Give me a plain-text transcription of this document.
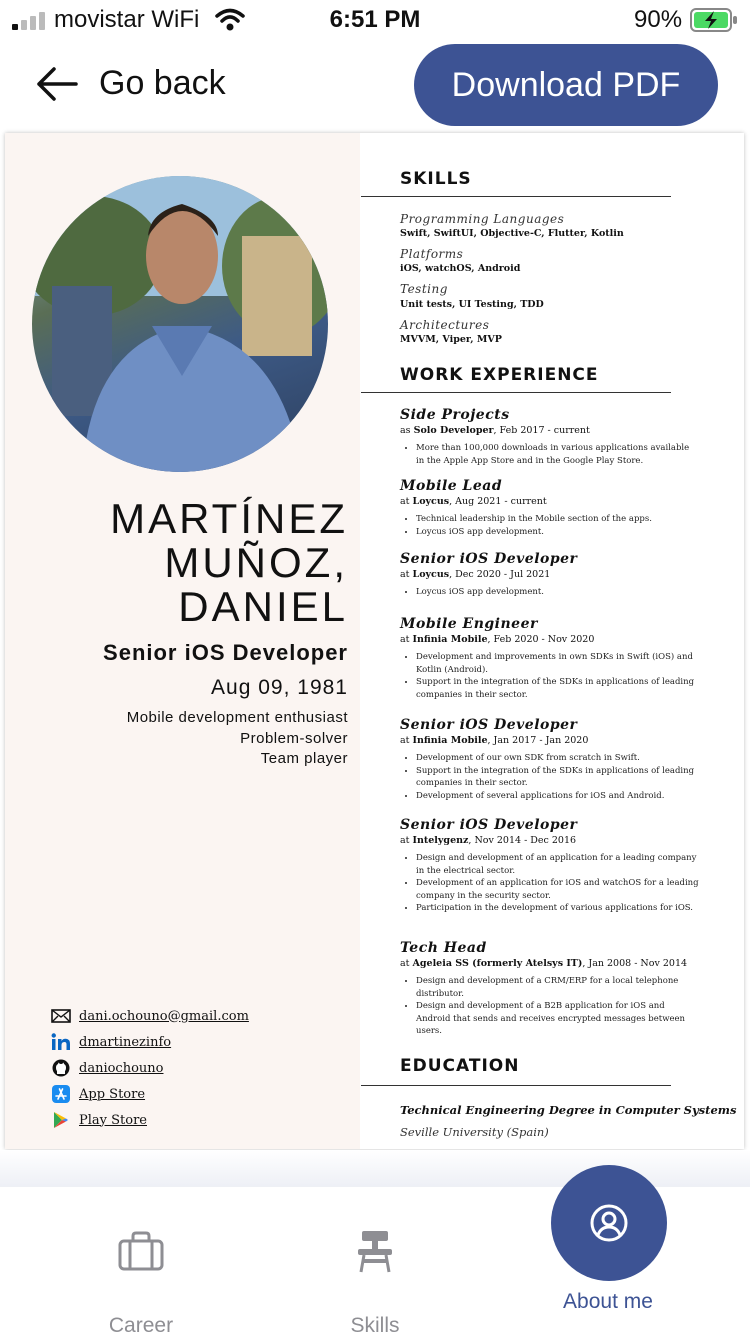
movistar WiFi	6:51 PM	90%
Go back	Download PDF
MARTÍNEZ
MUÑOZ,
DANIEL
Senior iOS Developer
Aug 09, 1981
Mobile development enthusiast
Problem-solver
Team player
dani.ochouno@gmail.com
dmartinezinfo
daniochouno
App Store
Play Store
SKILLS
Programming Languages
Swift, SwiftUI, Objective-C, Flutter, Kotlin
Platforms
iOS, watchOS, Android
Testing
Unit tests, UI Testing, TDD
Architectures
MVVM, Viper, MVP
WORK EXPERIENCE
Side Projects
as Solo Developer, Feb 2017 - current
• More than 100,000 downloads in various applications available in the Apple App Store and in the Google Play Store.
Mobile Lead
at Loycus, Aug 2021 - current
• Technical leadership in the Mobile section of the apps.
• Loycus iOS app development.
Senior iOS Developer
at Loycus, Dec 2020 - Jul 2021
• Loycus iOS app development.
Mobile Engineer
at Infinia Mobile, Feb 2020 - Nov 2020
• Development and improvements in own SDKs in Swift (iOS) and Kotlin (Android).
• Support in the integration of the SDKs in applications of leading companies in their sector.
Senior iOS Developer
at Infinia Mobile, Jan 2017 - Jan 2020
• Development of our own SDK from scratch in Swift.
• Support in the integration of the SDKs in applications of leading companies in their sector.
• Development of several applications for iOS and Android.
Senior iOS Developer
at Intelygenz, Nov 2014 - Dec 2016
• Design and development of an application for a leading company in the electrical sector.
• Development of an application for iOS and watchOS for a leading company in the security sector.
• Participation in the development of various applications for iOS.
Tech Head
at Ageleia SS (formerly Atelsys IT), Jan 2008 - Nov 2014
• Design and development of a CRM/ERP for a local telephone distributor.
• Design and development of a B2B application for iOS and Android that sends and receives encrypted messages between users.
EDUCATION
Technical Engineering Degree in Computer Systems
Seville University (Spain)
Career	Skills
About me
